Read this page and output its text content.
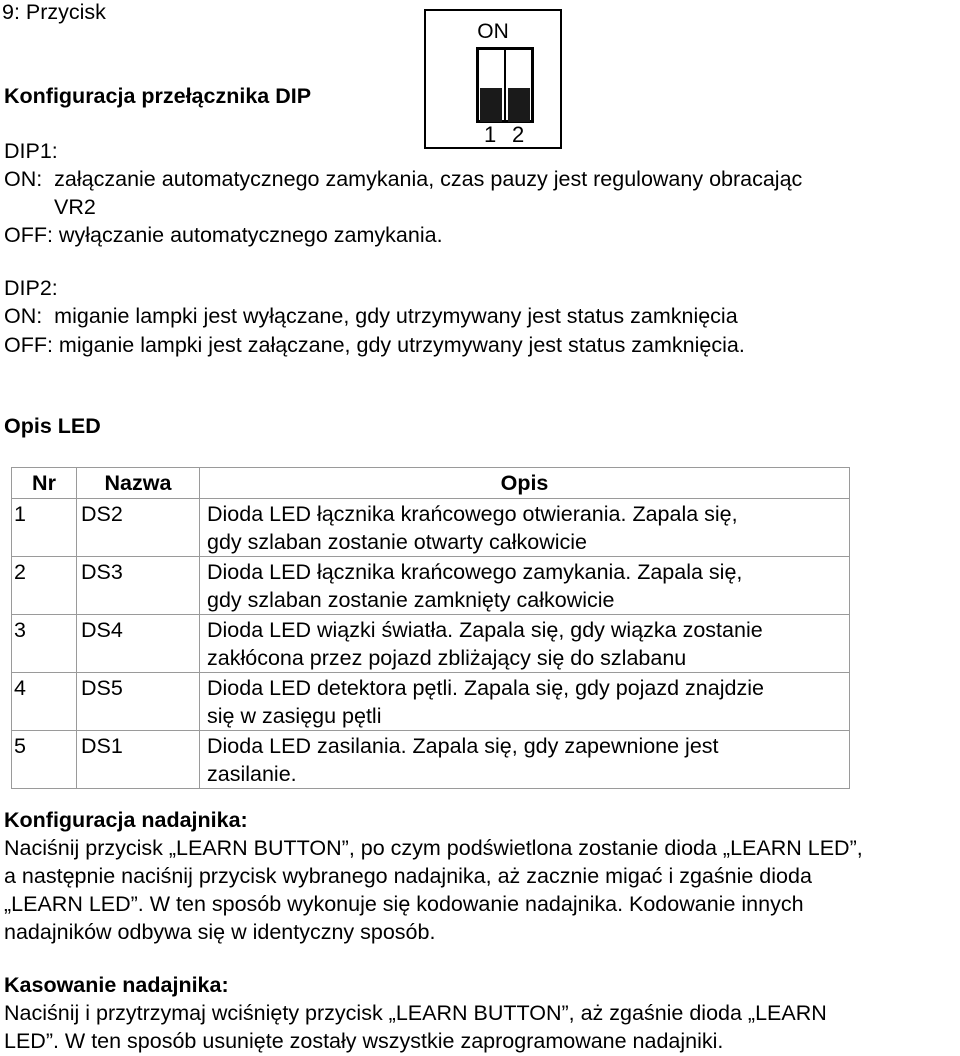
9: Przycisk
ON
1 2
Konfiguracja przełącznika DIP
DIP1:
ON:  załączanie automatycznego zamykania, czas pauzy jest regulowany obracając
VR2
OFF: wyłączanie automatycznego zamykania.
DIP2:
ON:  miganie lampki jest wyłączane, gdy utrzymywany jest status zamknięcia
OFF: miganie lampki jest załączane, gdy utrzymywany jest status zamknięcia.
Opis LED
Nr	Nazwa	Opis
1	DS2	Dioda LED łącznika krańcowego otwierania. Zapala się,
gdy szlaban zostanie otwarty całkowicie

2	DS3	Dioda LED łącznika krańcowego zamykania. Zapala się,
gdy szlaban zostanie zamknięty całkowicie

3	DS4	Dioda LED wiązki światła. Zapala się, gdy wiązka zostanie
zakłócona przez pojazd zbliżający się do szlabanu

4	DS5	Dioda LED detektora pętli. Zapala się, gdy pojazd znajdzie
się w zasięgu pętli

5	DS1	Dioda LED zasilania. Zapala się, gdy zapewnione jest
zasilanie.
Konfiguracja nadajnika:
Naciśnij przycisk „LEARN BUTTON”, po czym podświetlona zostanie dioda „LEARN LED”,
a następnie naciśnij przycisk wybranego nadajnika, aż zacznie migać i zgaśnie dioda
„LEARN LED”. W ten sposób wykonuje się kodowanie nadajnika. Kodowanie innych
nadajników odbywa się w identyczny sposób.
Kasowanie nadajnika:
Naciśnij i przytrzymaj wciśnięty przycisk „LEARN BUTTON”, aż zgaśnie dioda „LEARN
LED”. W ten sposób usunięte zostały wszystkie zaprogramowane nadajniki.
